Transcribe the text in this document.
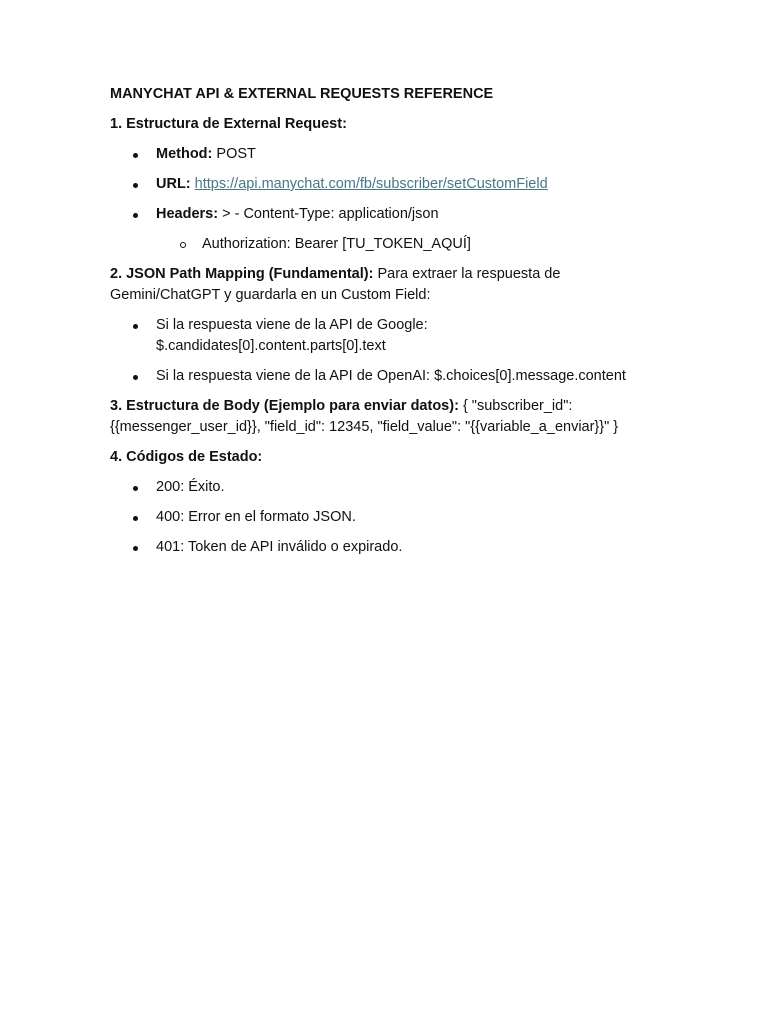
MANYCHAT API & EXTERNAL REQUESTS REFERENCE

1. Estructura de External Request:

Method: POST
URL: https://api.manychat.com/fb/subscriber/setCustomField
Headers: > - Content-Type: application/json
Authorization: Bearer [TU_TOKEN_AQUÍ]

2. JSON Path Mapping (Fundamental): Para extraer la respuesta de Gemini/ChatGPT y guardarla en un Custom Field:

Si la respuesta viene de la API de Google: $.candidates[0].content.parts[0].text
Si la respuesta viene de la API de OpenAI: $.choices[0].message.content

3. Estructura de Body (Ejemplo para enviar datos): { "subscriber_id": {{messenger_user_id}}, "field_id": 12345, "field_value": "{{variable_a_enviar}}" }

4. Códigos de Estado:

200: Éxito.
400: Error en el formato JSON.
401: Token de API inválido o expirado.
